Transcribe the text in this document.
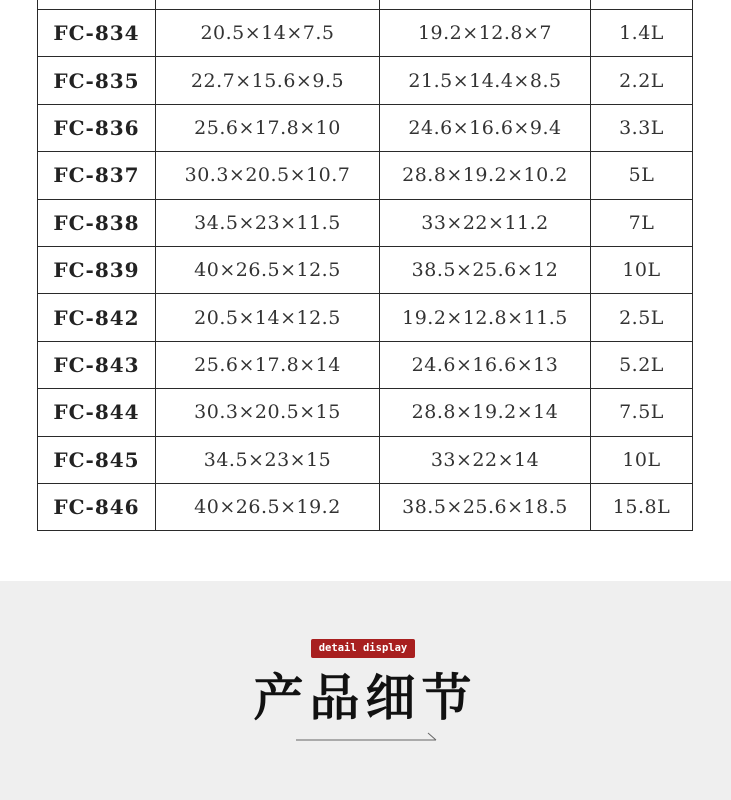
FC-834	20.5×14×7.5	19.2×12.8×7	1.4L
FC-835	22.7×15.6×9.5	21.5×14.4×8.5	2.2L
FC-836	25.6×17.8×10	24.6×16.6×9.4	3.3L
FC-837	30.3×20.5×10.7	28.8×19.2×10.2	5L
FC-838	34.5×23×11.5	33×22×11.2	7L
FC-839	40×26.5×12.5	38.5×25.6×12	10L
FC-842	20.5×14×12.5	19.2×12.8×11.5	2.5L
FC-843	25.6×17.8×14	24.6×16.6×13	5.2L
FC-844	30.3×20.5×15	28.8×19.2×14	7.5L
FC-845	34.5×23×15	33×22×14	10L
FC-846	40×26.5×19.2	38.5×25.6×18.5	15.8L
detail display
产品细节
